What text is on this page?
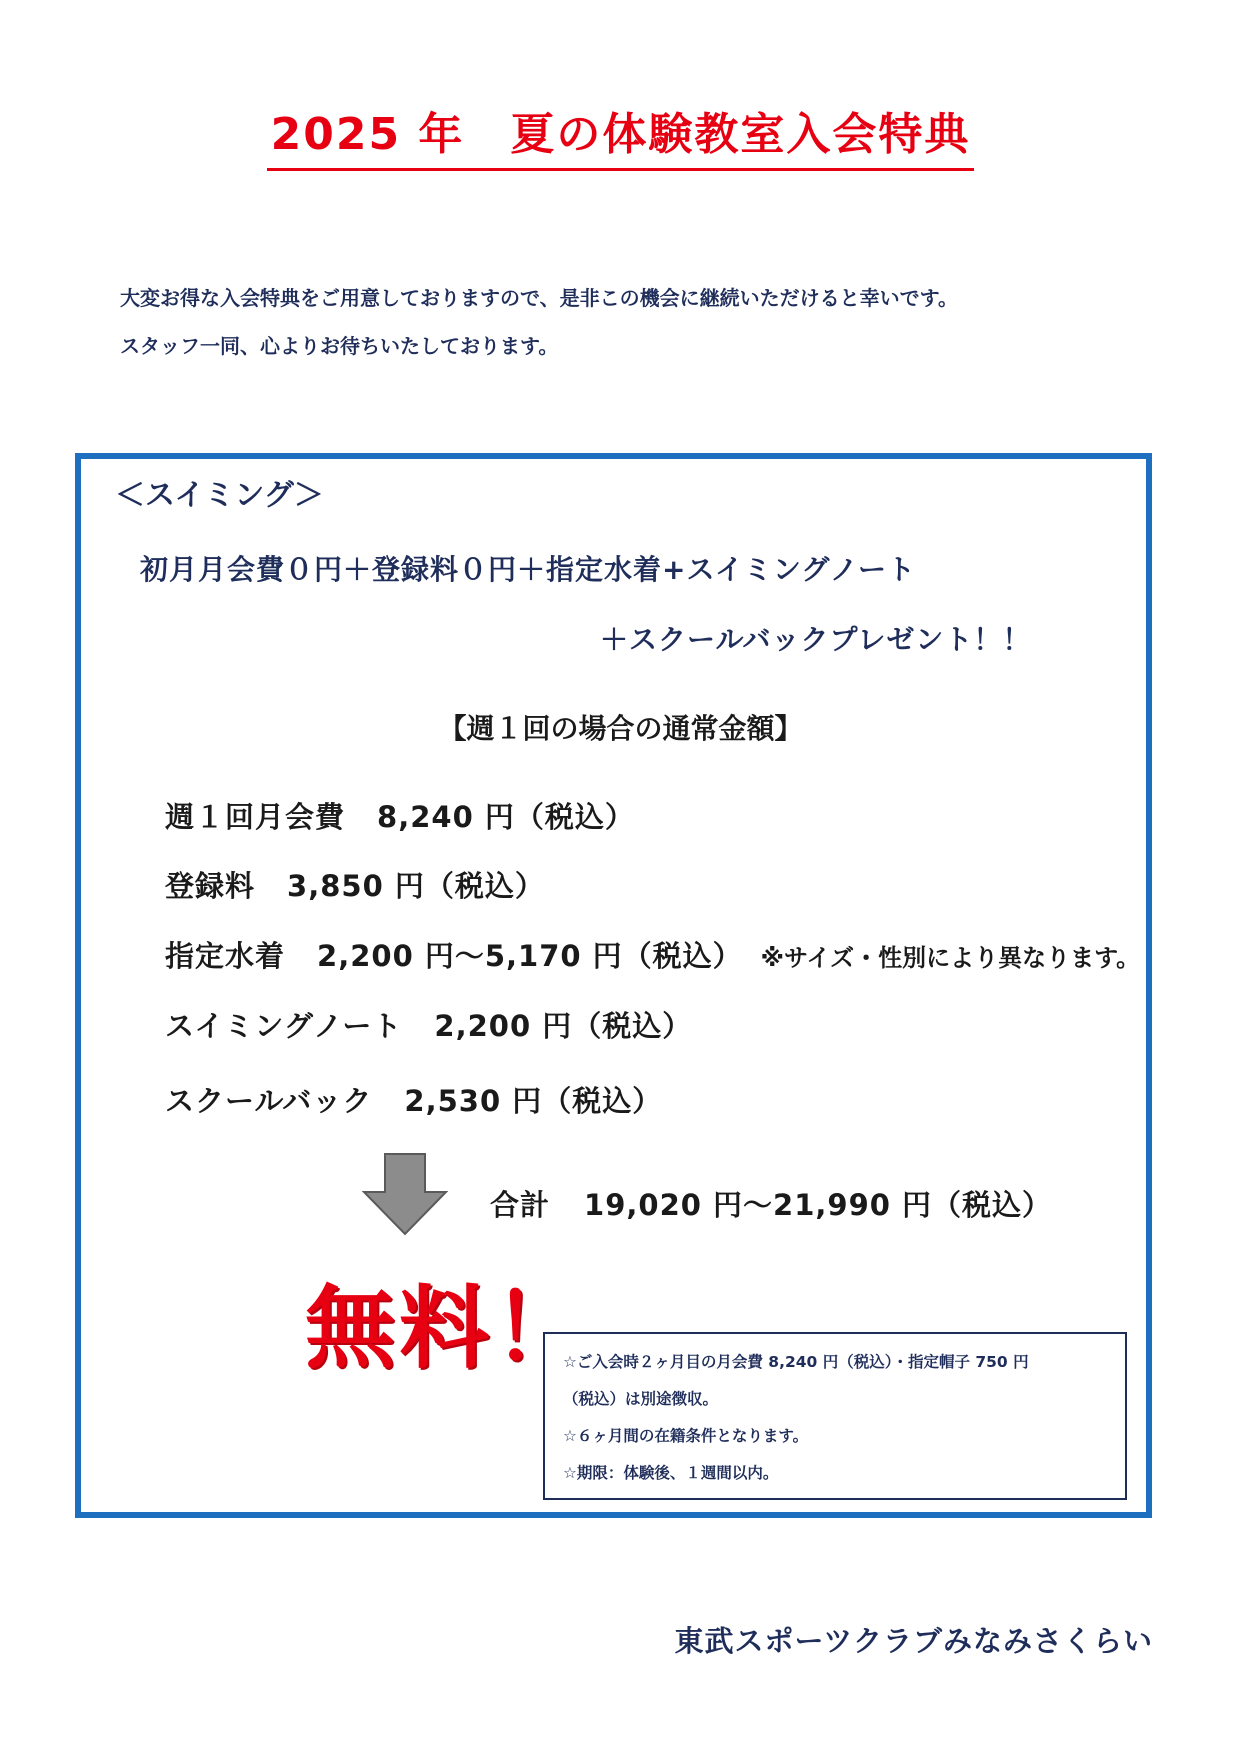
2025 年　夏の体験教室入会特典

大変お得な入会特典をご用意しておりますので、是非この機会に継続いただけると幸いです。

スタッフ一同、心よりお待ちいたしております。

＜スイミング＞

初月月会費０円＋登録料０円＋指定水着+スイミングノート

＋スクールバックプレゼント！！

【週１回の場合の通常金額】

週１回月会費 8,240 円（税込）

登録料 3,850 円（税込）

指定水着 2,200 円～5,170 円（税込） ※サイズ・性別により異なります。

スイミングノート 2,200 円（税込）

スクールバック 2,530 円（税込）

合計 19,020 円～21,990 円（税込）

無料！

☆ご入会時２ヶ月目の月会費 8,240 円（税込）・指定帽子 750 円

（税込）は別途徴収。

☆６ヶ月間の在籍条件となります。

☆期限：体験後、１週間以内。

東武スポーツクラブみなみさくらい
